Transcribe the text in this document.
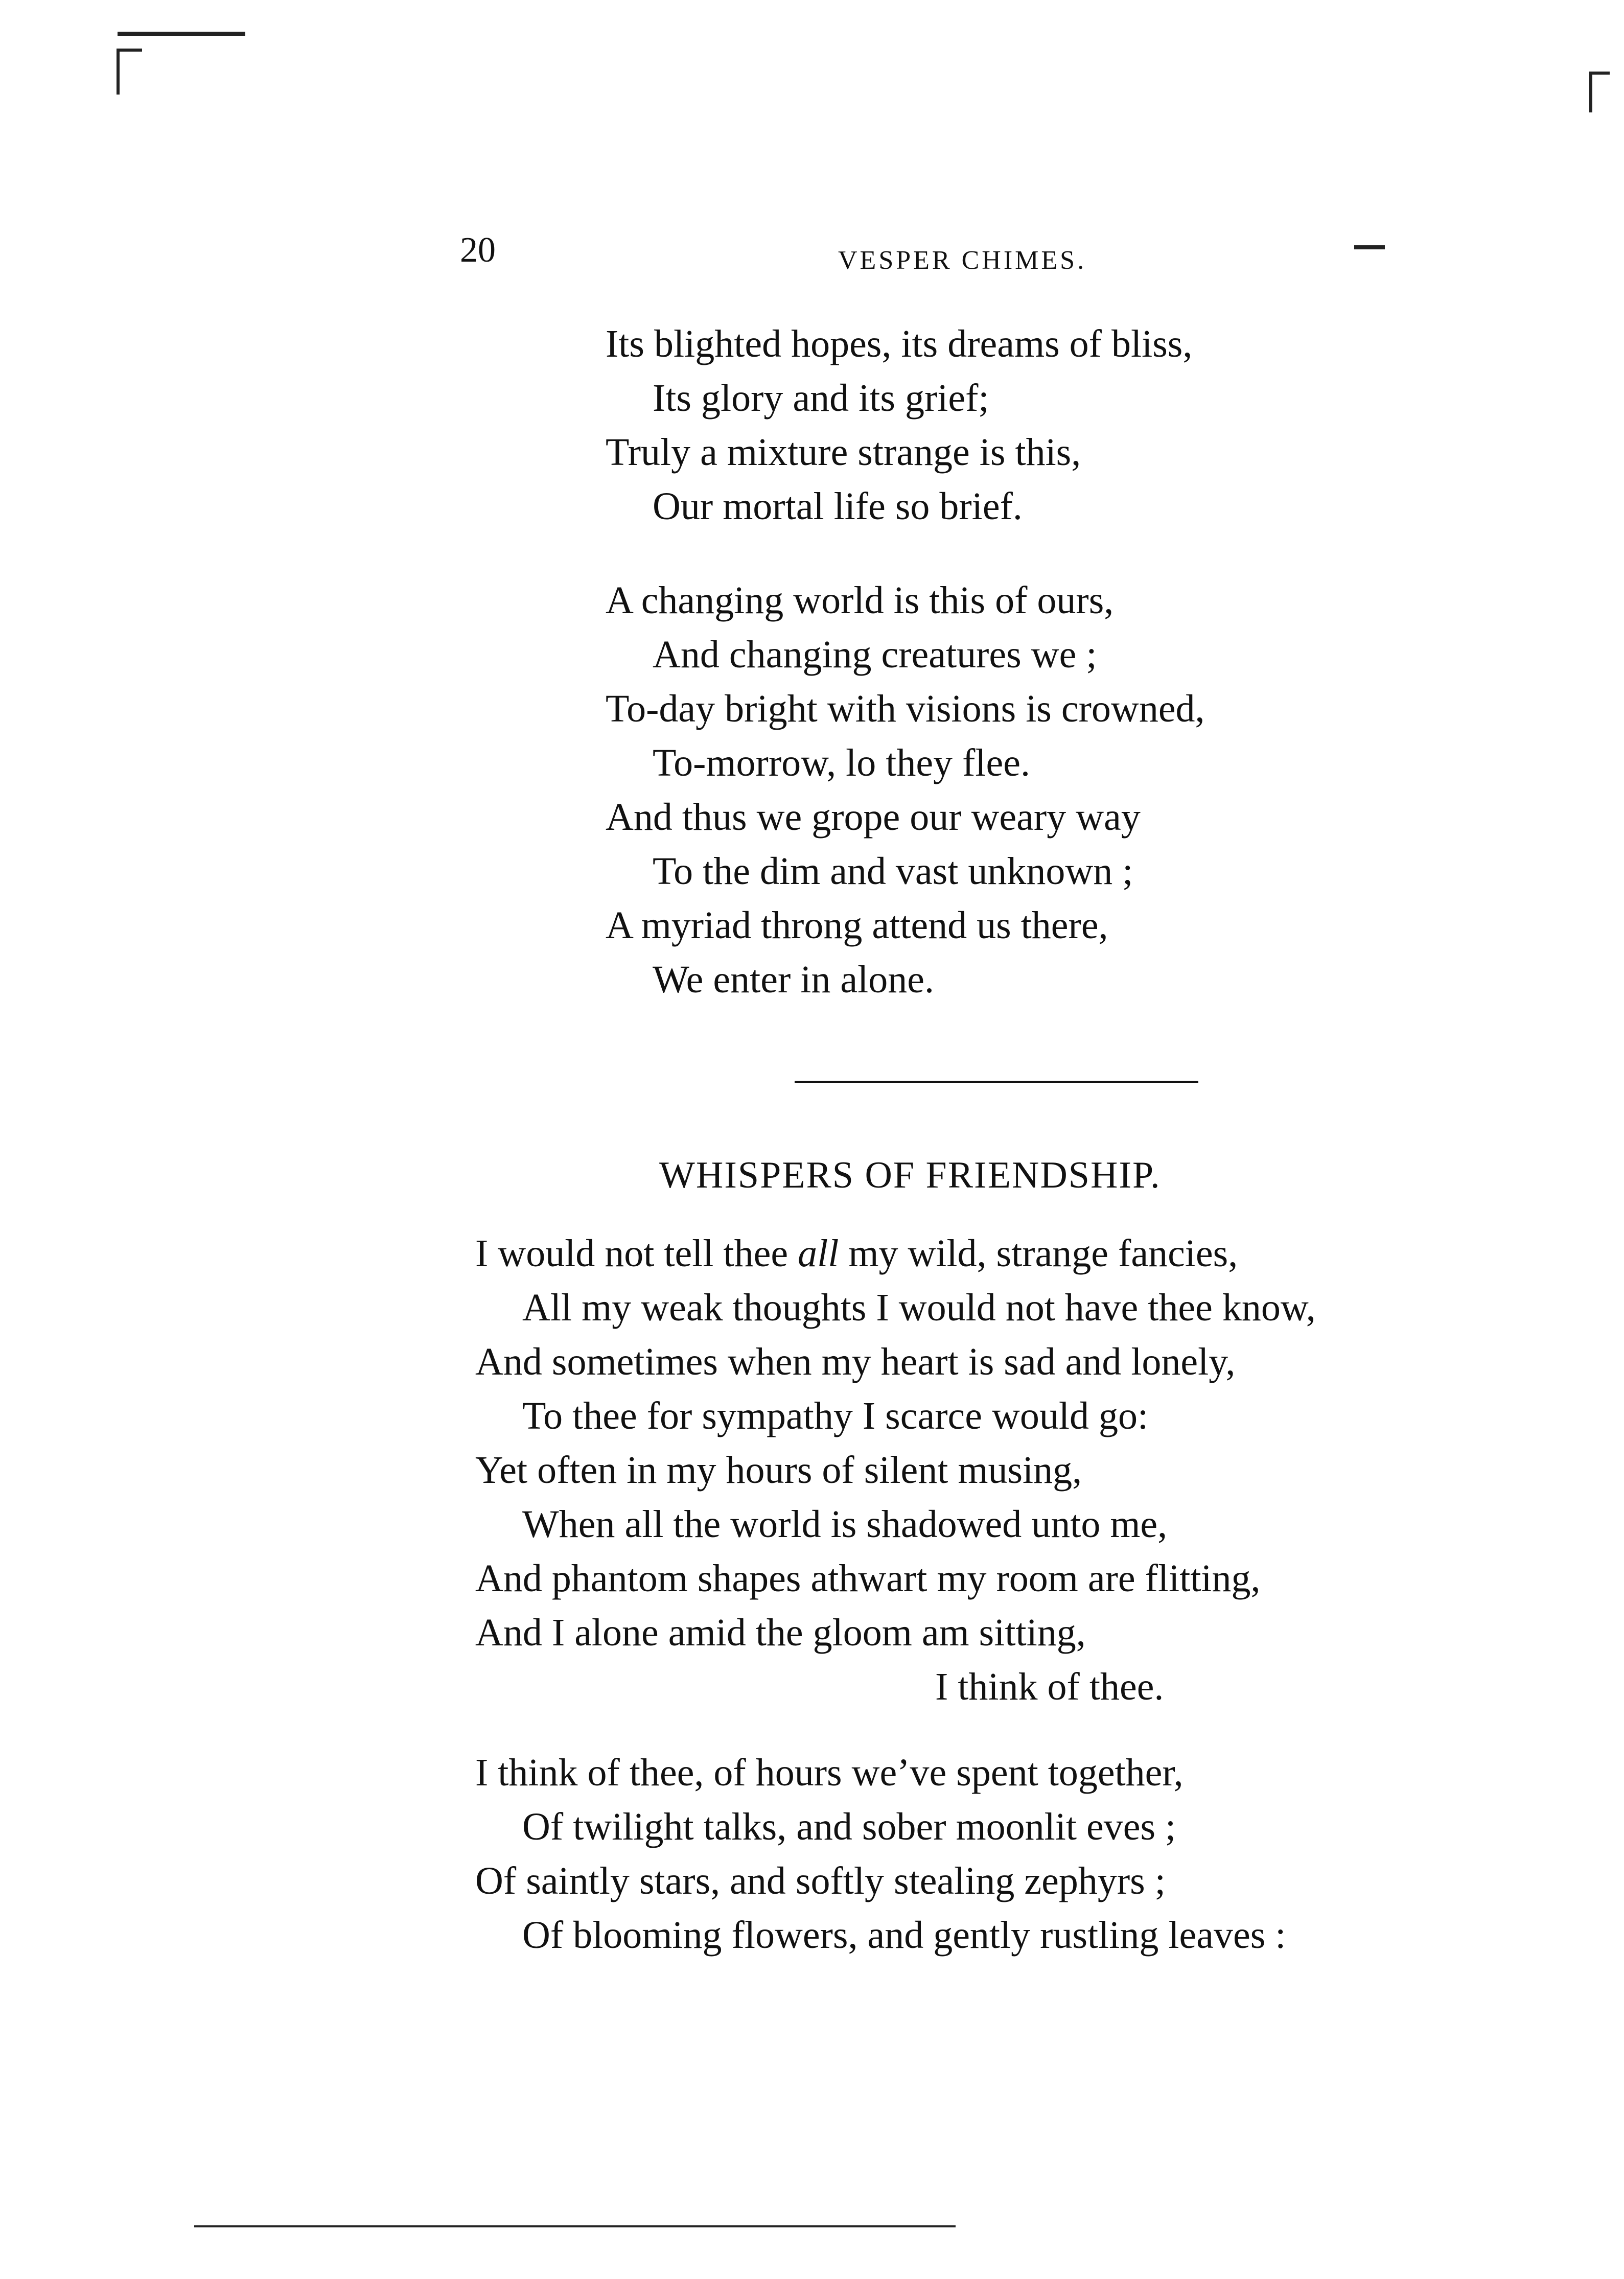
20	VESPER CHIMES.
Its blighted hopes, its dreams of bliss,
Its glory and its grief;
Truly a mixture strange is this,
Our mortal life so brief.
A changing world is this of ours,
And changing creatures we ;
To-day bright with visions is crowned,
To-morrow, lo they flee.
And thus we grope our weary way
To the dim and vast unknown ;
A myriad throng attend us there,
We enter in alone.
WHISPERS OF FRIENDSHIP.
I would not tell thee all my wild, strange fancies,
All my weak thoughts I would not have thee know,
And sometimes when my heart is sad and lonely,
To thee for sympathy I scarce would go:
Yet often in my hours of silent musing,
When all the world is shadowed unto me,
And phantom shapes athwart my room are flitting,
And I alone amid the gloom am sitting,
I think of thee.
I think of thee, of hours we’ve spent together,
Of twilight talks, and sober moonlit eves ;
Of saintly stars, and softly stealing zephyrs ;
Of blooming flowers, and gently rustling leaves :
